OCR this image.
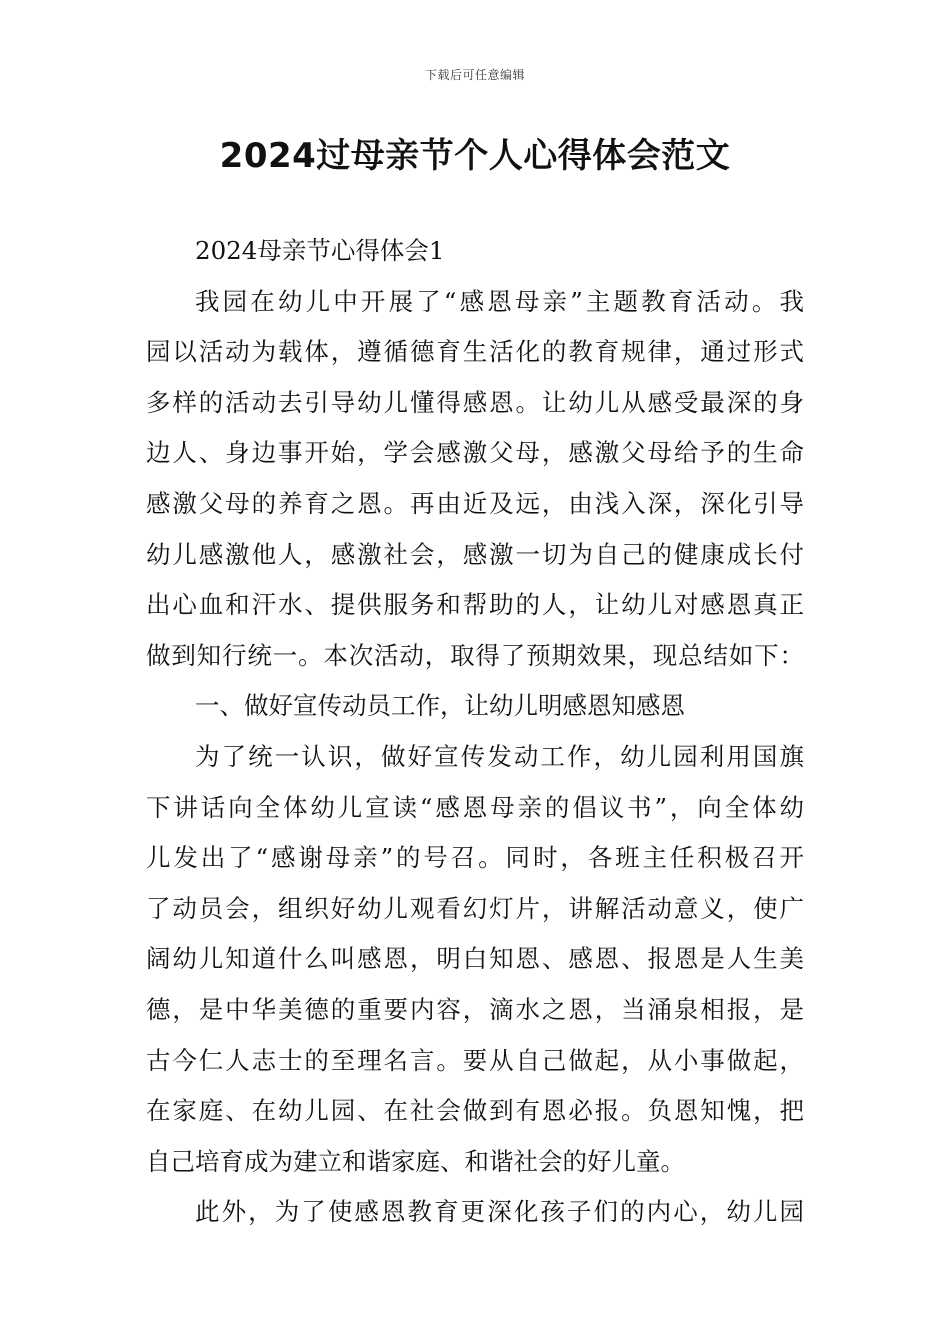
下载后可任意编辑
2024过母亲节个人心得体会范文
2024母亲节心得体会1
我园在幼儿中开展了“感恩母亲”主题教育活动。我
园以活动为载体，遵循德育生活化的教育规律，通过形式
多样的活动去引导幼儿懂得感恩。让幼儿从感受最深的身
边人、身边事开始，学会感激父母，感激父母给予的生命
感激父母的养育之恩。再由近及远，由浅入深，深化引导
幼儿感激他人，感激社会，感激一切为自己的健康成长付
出心血和汗水、提供服务和帮助的人，让幼儿对感恩真正
做到知行统一。本次活动，取得了预期效果，现总结如下：
一、做好宣传动员工作，让幼儿明感恩知感恩
为了统一认识，做好宣传发动工作，幼儿园利用国旗
下讲话向全体幼儿宣读“感恩母亲的倡议书”，向全体幼
儿发出了“感谢母亲”的号召。同时，各班主任积极召开
了动员会，组织好幼儿观看幻灯片，讲解活动意义，使广
阔幼儿知道什么叫感恩，明白知恩、感恩、报恩是人生美
德，是中华美德的重要内容，滴水之恩，当涌泉相报，是
古今仁人志士的至理名言。要从自己做起，从小事做起，
在家庭、在幼儿园、在社会做到有恩必报。负恩知愧，把
自己培育成为建立和谐家庭、和谐社会的好儿童。
此外，为了使感恩教育更深化孩子们的内心，幼儿园
